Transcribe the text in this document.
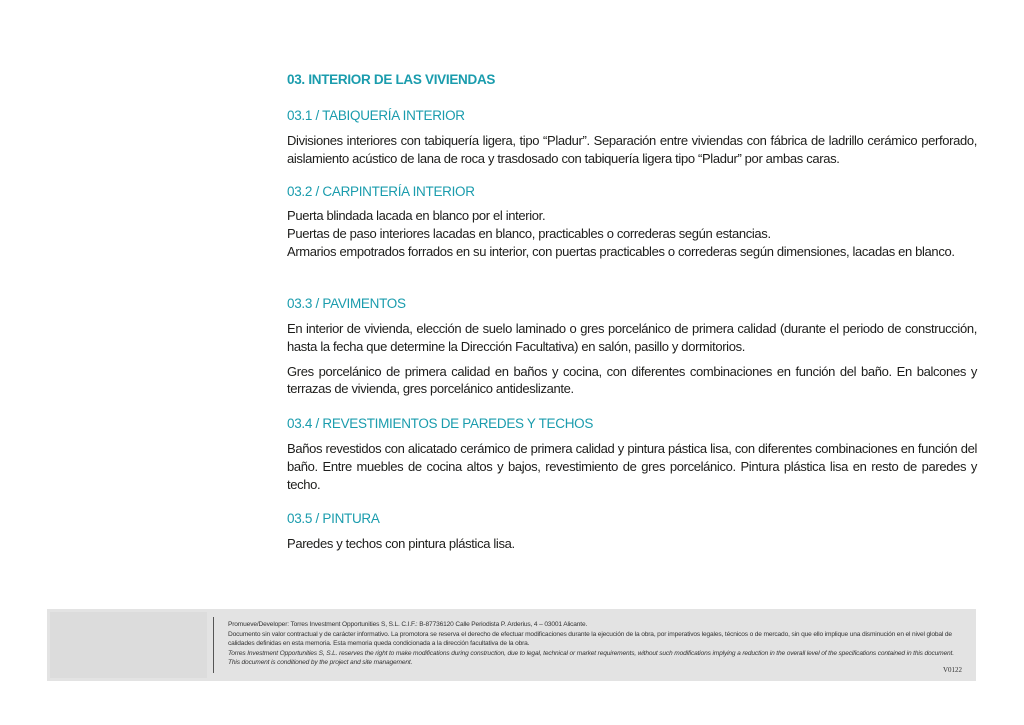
03. INTERIOR DE LAS VIVIENDAS
03.1 / TABIQUERÍA INTERIOR
Divisiones interiores con tabiquería ligera, tipo “Pladur”. Separación entre viviendas con fábrica de ladrillo cerámico perforado, aislamiento acústico de lana de roca y trasdosado con tabiquería ligera tipo “Pladur” por ambas caras.
03.2 / CARPINTERÍA INTERIOR
Puerta blindada lacada en blanco por el interior.
Puertas de paso interiores lacadas en blanco, practicables o correderas según estancias.
Armarios empotrados forrados en su interior, con puertas practicables o correderas según dimensiones, lacadas en blanco.
03.3 / PAVIMENTOS
En interior de vivienda, elección de suelo laminado o gres porcelánico de primera calidad (durante el periodo de construcción, hasta la fecha que determine la Dirección Facultativa) en salón, pasillo y dormitorios.
Gres porcelánico de primera calidad en baños y cocina, con diferentes combinaciones en función del baño. En balcones y terrazas de vivienda, gres porcelánico antideslizante.
03.4 / REVESTIMIENTOS DE PAREDES Y TECHOS
Baños revestidos con alicatado cerámico de primera calidad y pintura pástica lisa, con diferentes combinaciones en función del baño. Entre muebles de cocina altos y bajos, revestimiento de gres porcelánico. Pintura plástica lisa en resto de paredes y techo.
03.5 / PINTURA
Paredes y techos con pintura plástica lisa.
Promueve/Developer: Torres Investment Opportunities S, S.L. C.I.F.: B-87736120 Calle Periodista P. Arderius, 4 – 03001 Alicante.
Documento sin valor contractual y de carácter informativo. La promotora se reserva el derecho de efectuar modificaciones durante la ejecución de la obra, por imperativos legales, técnicos o de mercado, sin que ello implique una disminución en el nivel global de calidades definidas en esta memoria. Esta memoria queda condicionada a la dirección facultativa de la obra.
Torres Investment Opportunities S, S.L. reserves the right to make modifications during construction, due to legal, technical or market requirements, without such modifications implying a reduction in the overall level of the specifications contained in this document. This document is conditioned by the project and site management.
V0122
